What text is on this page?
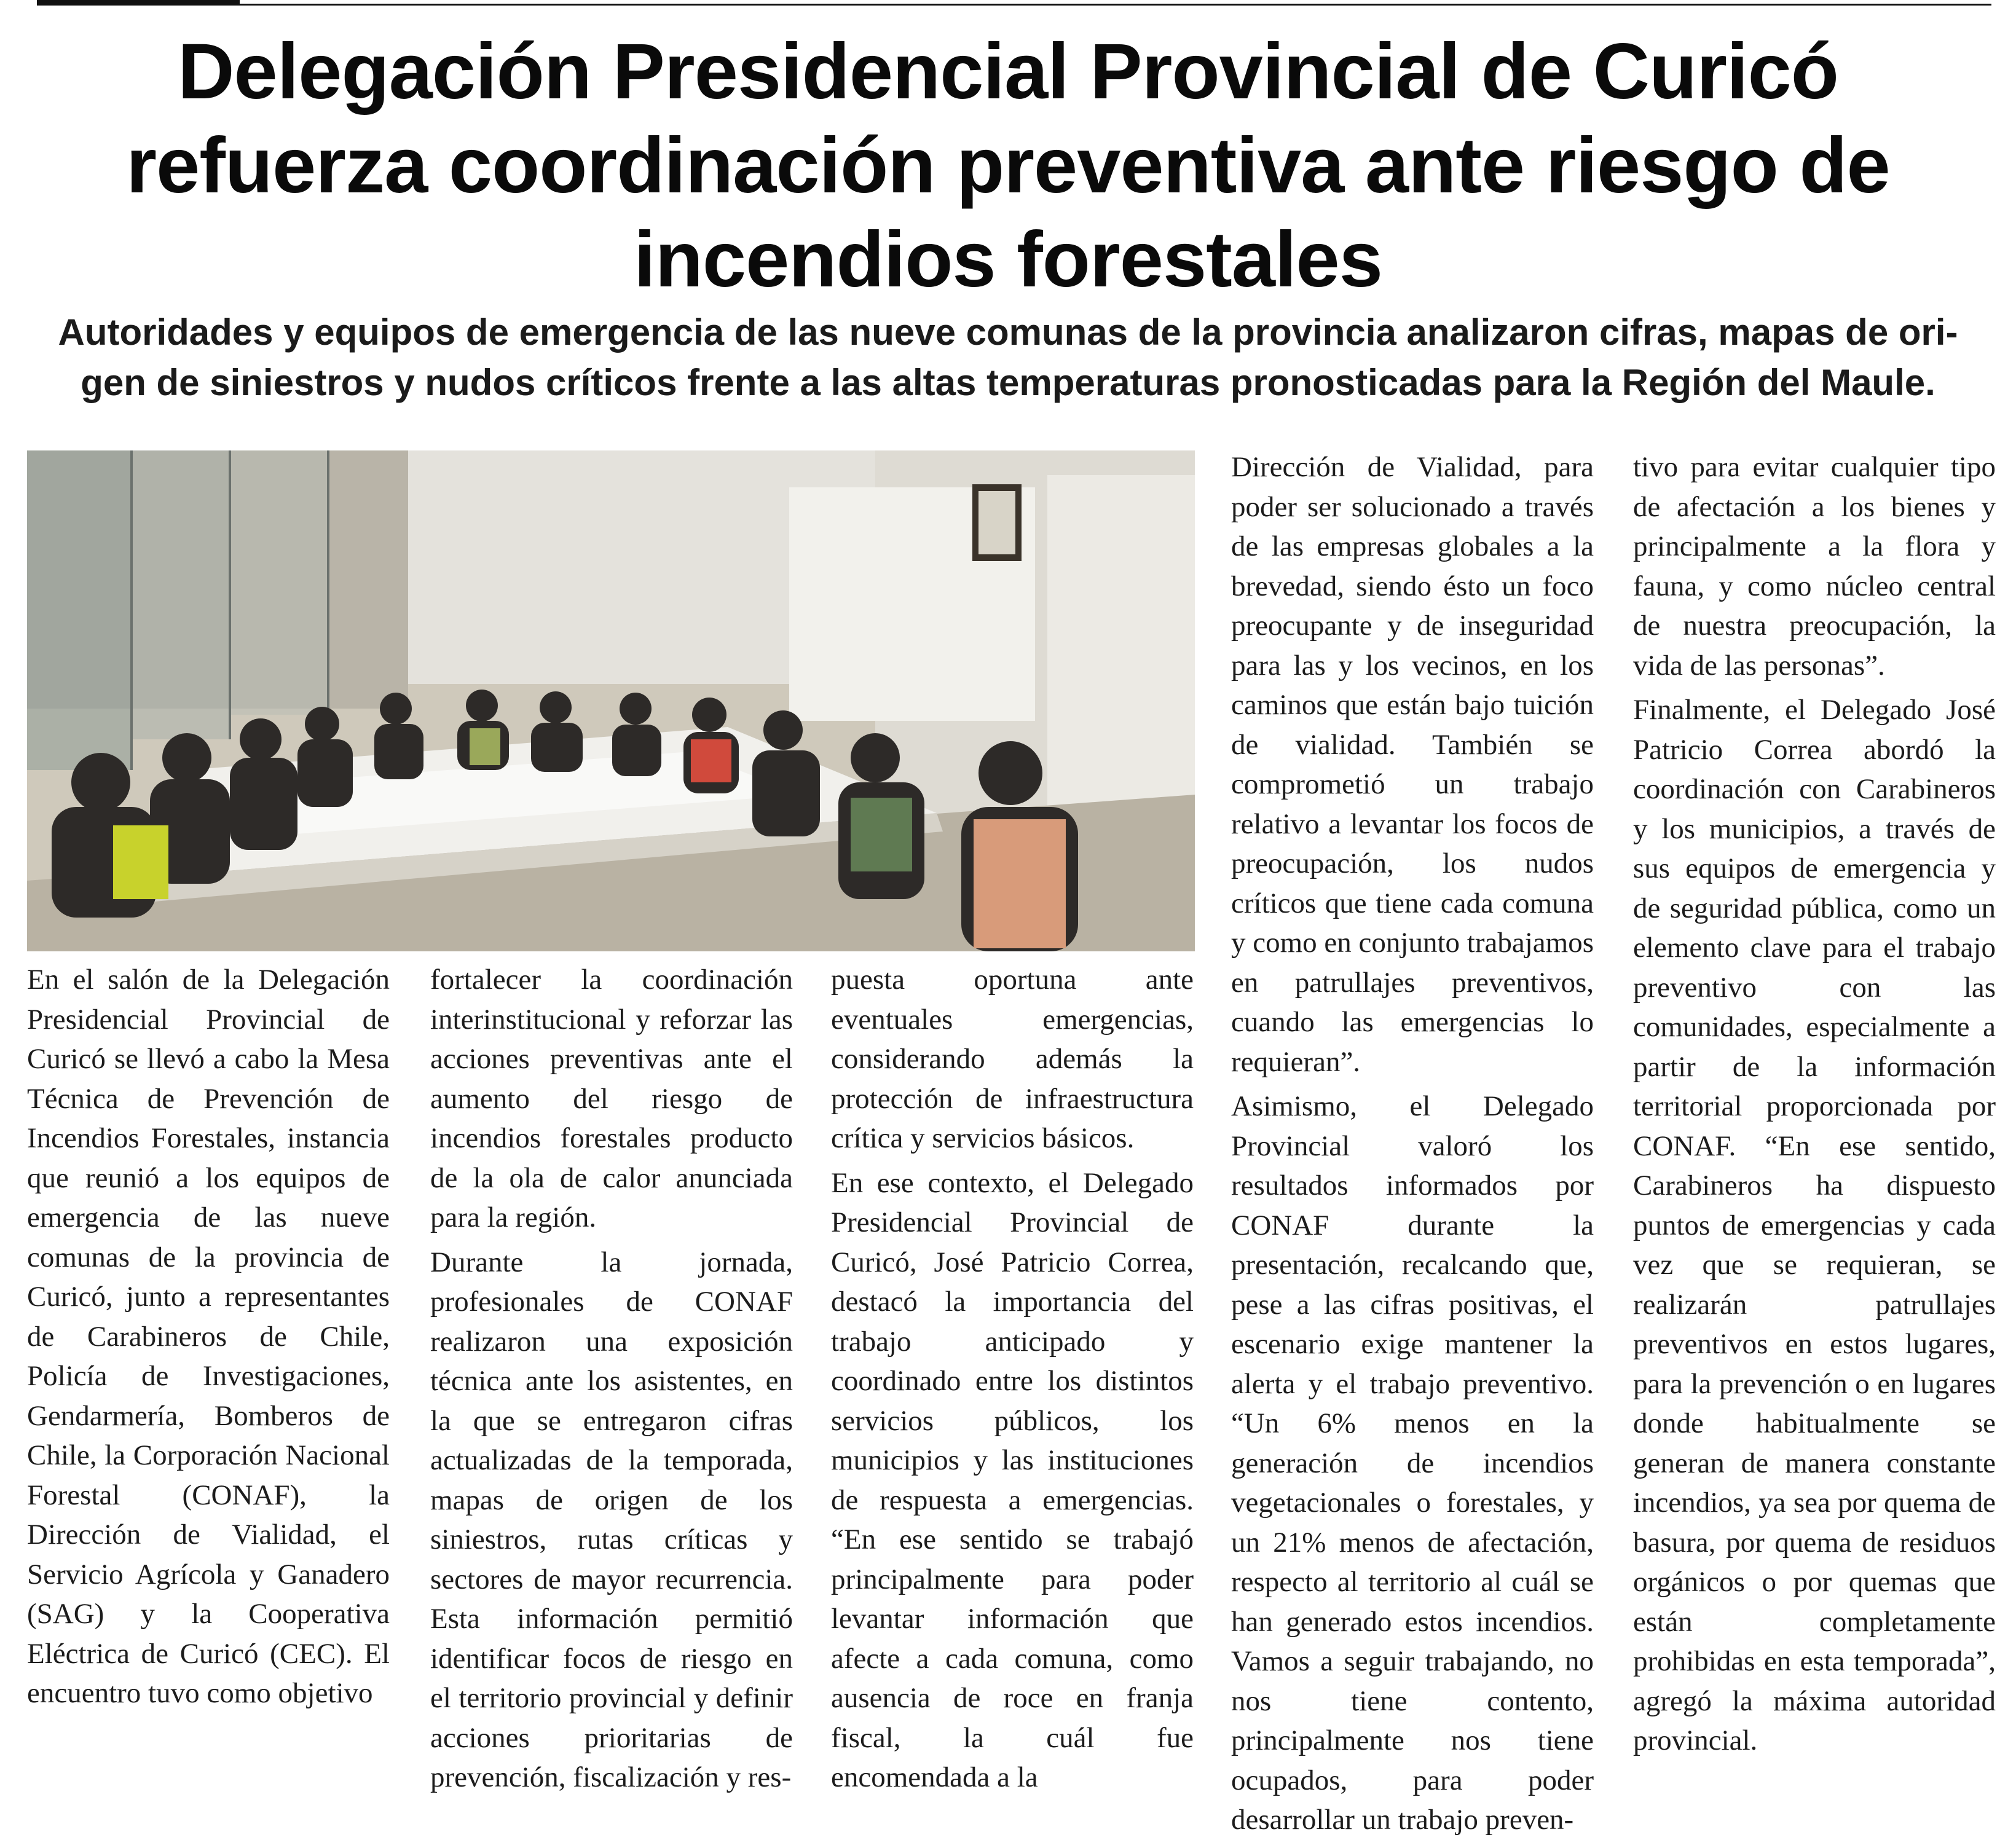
Delegación Presidencial Provincial de Curicó
refuerza coordinación preventiva ante riesgo de
incendios forestales
Autoridades y equipos de emergencia de las nueve comunas de la provincia analizaron cifras, mapas de ori-
gen de siniestros y nudos críticos frente a las altas temperaturas pronosticadas para la Región del Maule.

En el salón de la Delegación Presidencial Provincial de Curicó se llevó a cabo la Mesa Técnica de Prevención de Incendios Forestales, instancia que reunió a los equipos de emergencia de las nueve comunas de la provincia de Curicó, junto a representantes de Carabineros de Chile, Policía de Investigaciones, Gendarmería, Bomberos de Chile, la Corporación Nacional Forestal (CONAF), la Dirección de Vialidad, el Servicio Agrícola y Ganadero (SAG) y la Cooperativa Eléctrica de Curicó (CEC). El encuentro tuvo como objetivo

fortalecer la coordinación interinstitucional y reforzar las acciones preventivas ante el aumento del riesgo de incendios forestales producto de la ola de calor anunciada para la región.

Durante la jornada, profesionales de CONAF realizaron una exposición técnica ante los asistentes, en la que se entregaron cifras actualizadas de la temporada, mapas de origen de los siniestros, rutas críticas y sectores de mayor recurrencia. Esta información permitió identificar focos de riesgo en el territorio provincial y definir acciones prioritarias de prevención, fiscalización y res-

puesta oportuna ante eventuales emergencias, considerando además la protección de infraestructura crítica y servicios básicos.

En ese contexto, el Delegado Presidencial Provincial de Curicó, José Patricio Correa, destacó la importancia del trabajo anticipado y coordinado entre los distintos servicios públicos, los municipios y las instituciones de respuesta a emergencias. “En ese sentido se trabajó principalmente para poder levantar información que afecte a cada comuna, como ausencia de roce en franja fiscal, la cuál fue encomendada a la

Dirección de Vialidad, para poder ser solucionado a través de las empresas globales a la brevedad, siendo ésto un foco preocupante y de inseguridad para las y los vecinos, en los caminos que están bajo tuición de vialidad. También se comprometió un trabajo relativo a levantar los focos de preocupación, los nudos críticos que tiene cada comuna y como en conjunto trabajamos en patrullajes preventivos, cuando las emergencias lo requieran”.

Asimismo, el Delegado Provincial valoró los resultados informados por CONAF durante la presentación, recalcando que, pese a las cifras positivas, el escenario exige mantener la alerta y el trabajo preventivo. “Un 6% menos en la generación de incendios vegetacionales o forestales, y un 21% menos de afectación, respecto al territorio al cuál se han generado estos incendios. Vamos a seguir trabajando, no nos tiene contento, principalmente nos tiene ocupados, para poder desarrollar un trabajo preven-

tivo para evitar cualquier tipo de afectación a los bienes y principalmente a la flora y fauna, y como núcleo central de nuestra preocupación, la vida de las personas”.

Finalmente, el Delegado José Patricio Correa abordó la coordinación con Carabineros y los municipios, a través de sus equipos de emergencia y de seguridad pública, como un elemento clave para el trabajo preventivo con las comunidades, especialmente a partir de la información territorial proporcionada por CONAF. “En ese sentido, Carabineros ha dispuesto puntos de emergencias y cada vez que se requieran, se realizarán patrullajes preventivos en estos lugares, para la prevención o en lugares donde habitualmente se generan de manera constante incendios, ya sea por quema de basura, por quema de residuos orgánicos o por quemas que están completamente prohibidas en esta temporada”, agregó la máxima autoridad provincial.
